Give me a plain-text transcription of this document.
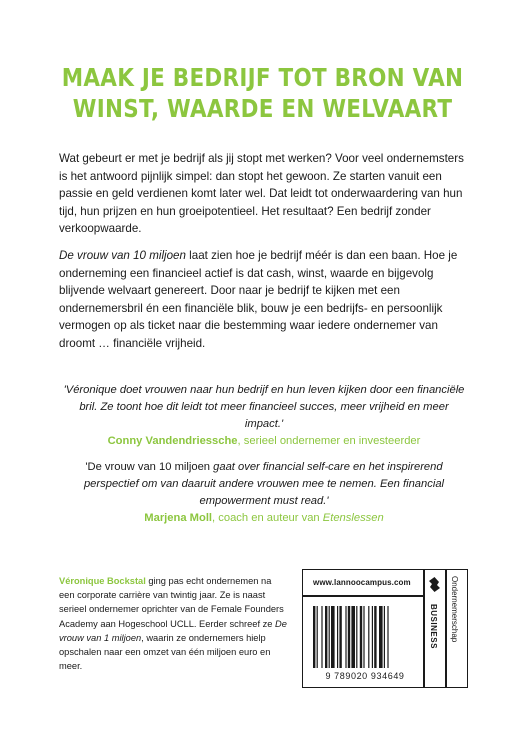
MAAK JE BEDRIJF TOT BRON VAN
WINST, WAARDE EN WELVAART

Wat gebeurt er met je bedrijf als jij stopt met werken? Voor veel ondernemsters is het antwoord pijnlijk simpel: dan stopt het gewoon. Ze starten vanuit een passie en geld verdienen komt later wel. Dat leidt tot onderwaardering van hun tijd, hun prijzen en hun groeipotentieel. Het resultaat? Een bedrijf zonder verkoopwaarde.

De vrouw van 10 miljoen laat zien hoe je bedrijf méér is dan een baan. Hoe je onderneming een financieel actief is dat cash, winst, waarde en bijgevolg blijvende welvaart genereert. Door naar je bedrijf te kijken met een ondernemersbril én een financiële blik, bouw je een bedrijfs- en persoonlijk vermogen op als ticket naar die bestemming waar iedere ondernemer van droomt … financiële vrijheid.

'Véronique doet vrouwen naar hun bedrijf en hun leven kijken door een financiële bril. Ze toont hoe dit leidt tot meer financieel succes, meer vrijheid en meer impact.'
Conny Vandendriessche, serieel ondernemer en investeerder
'De vrouw van 10 miljoen gaat over financial self-care en het inspirerend perspectief om van daaruit andere vrouwen mee te nemen. Een financial empowerment must read.'
Marjena Moll, coach en auteur van Etenslessen
Véronique Bockstal ging pas echt ondernemen na een corporate carrière van twintig jaar. Ze is naast serieel ondernemer oprichter van de Female Founders Academy aan Hogeschool UCLL. Eerder schreef ze De vrouw van 1 miljoen, waarin ze ondernemers hielp opschalen naar een omzet van één miljoen euro en meer.
www.lannoocampus.com
9 789020 934649
BUSINESS Ondernemerschap
